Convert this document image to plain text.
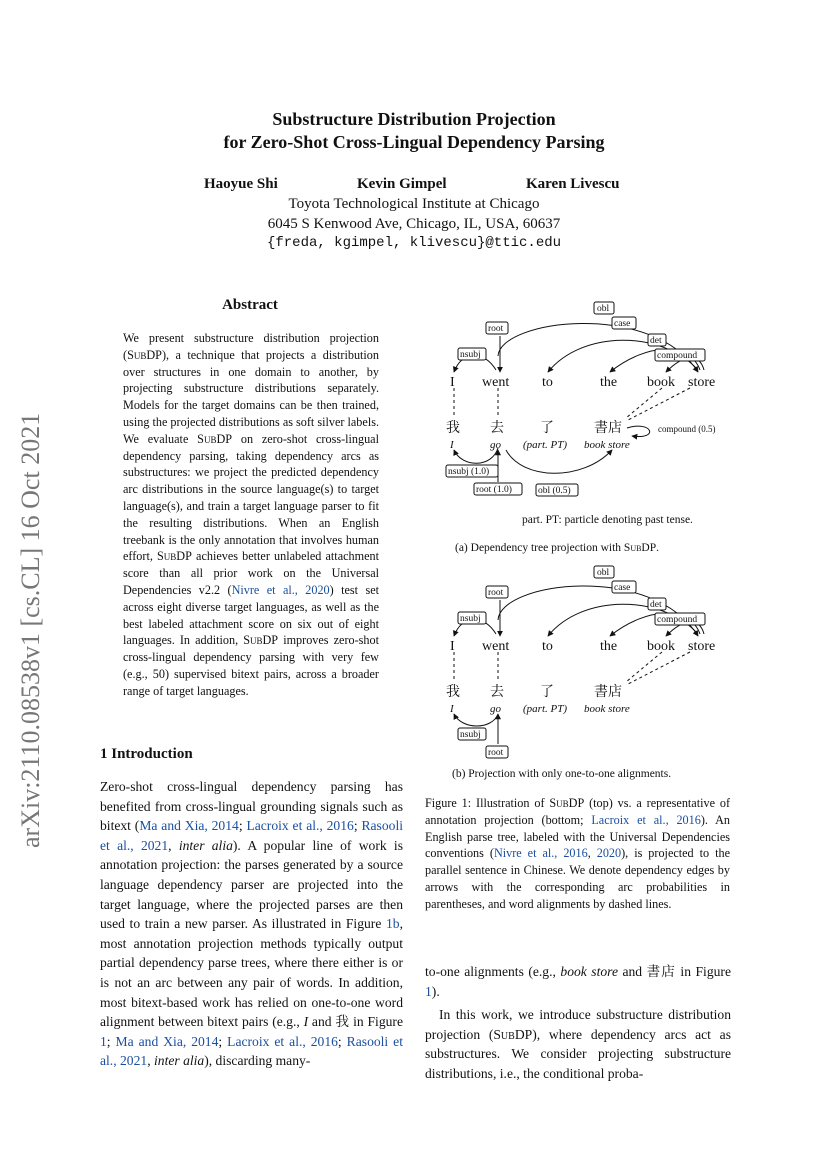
Substructure Distribution Projection
for Zero-Shot Cross-Lingual Dependency Parsing
Haoyue Shi	Kevin Gimpel	Karen Livescu
Toyota Technological Institute at Chicago
6045 S Kenwood Ave, Chicago, IL, USA, 60637
{freda, kgimpel, klivescu}@ttic.edu
arXiv:2110.08538v1 [cs.CL] 16 Oct 2021
Abstract

We present substructure distribution projection (SubDP), a technique that projects a distribution over structures in one domain to another, by projecting substructure distributions separately. Models for the target domains can be then trained, using the projected distributions as soft silver labels. We evaluate SubDP on zero-shot cross-lingual dependency parsing, taking dependency arcs as substructures: we project the predicted dependency arc distributions in the source language(s) to target language(s), and train a target language parser to fit the resulting distributions. When an English treebank is the only annotation that involves human effort, SubDP achieves better unlabeled attachment score than all prior work on the Universal Dependencies v2.2 (Nivre et al., 2020) test set across eight diverse target languages, as well as the best labeled attachment score on six out of eight languages. In addition, SubDP improves zero-shot cross-lingual dependency parsing with very few (e.g., 50) supervised bitext pairs, across a broader range of target languages.

1 Introduction

Zero-shot cross-lingual dependency parsing has benefited from cross-lingual grounding signals such as bitext (Ma and Xia, 2014; Lacroix et al., 2016; Rasooli et al., 2021, inter alia). A popular line of work is annotation projection: the parses generated by a source language dependency parser are projected into the target language, where the projected parses are then used to train a new parser. As illustrated in Figure 1b, most annotation projection methods typically output partial dependency parse trees, where there either is or is not an arc between any pair of words. In addition, most bitext-based work has relied on one-to-one word alignment between bitext pairs (e.g., I and 我 in Figure 1; Ma and Xia, 2014; Lacroix et al., 2016; Rasooli et al., 2021, inter alia), discarding many-

obl
case
root
det
compound
nsubj
nsubj (1.0)
root (1.0)	obl (0.5)
compound (0.5)
obl
case
root
det
compound
nsubj
nsubj
root
I went to	the book store
我 去	了	書店
I	go (part. PT) book store
I went to	the book store
我 去	了	書店
I	go (part. PT) book store
part. PT: particle denoting past tense.
(a) Dependency tree projection with SubDP.
(b) Projection with only one-to-one alignments.
Figure 1: Illustration of SubDP (top) vs. a representative of annotation projection (bottom; Lacroix et al., 2016). An English parse tree, labeled with the Universal Dependencies conventions (Nivre et al., 2016, 2020), is projected to the parallel sentence in Chinese. We denote dependency edges by arrows with the corresponding arc probabilities in parentheses, and word alignments by dashed lines.

to-one alignments (e.g., book store and 書店 in Figure 1).

In this work, we introduce substructure distribution projection (SubDP), where dependency arcs act as substructures. We consider projecting substructure distributions, i.e., the conditional proba-
